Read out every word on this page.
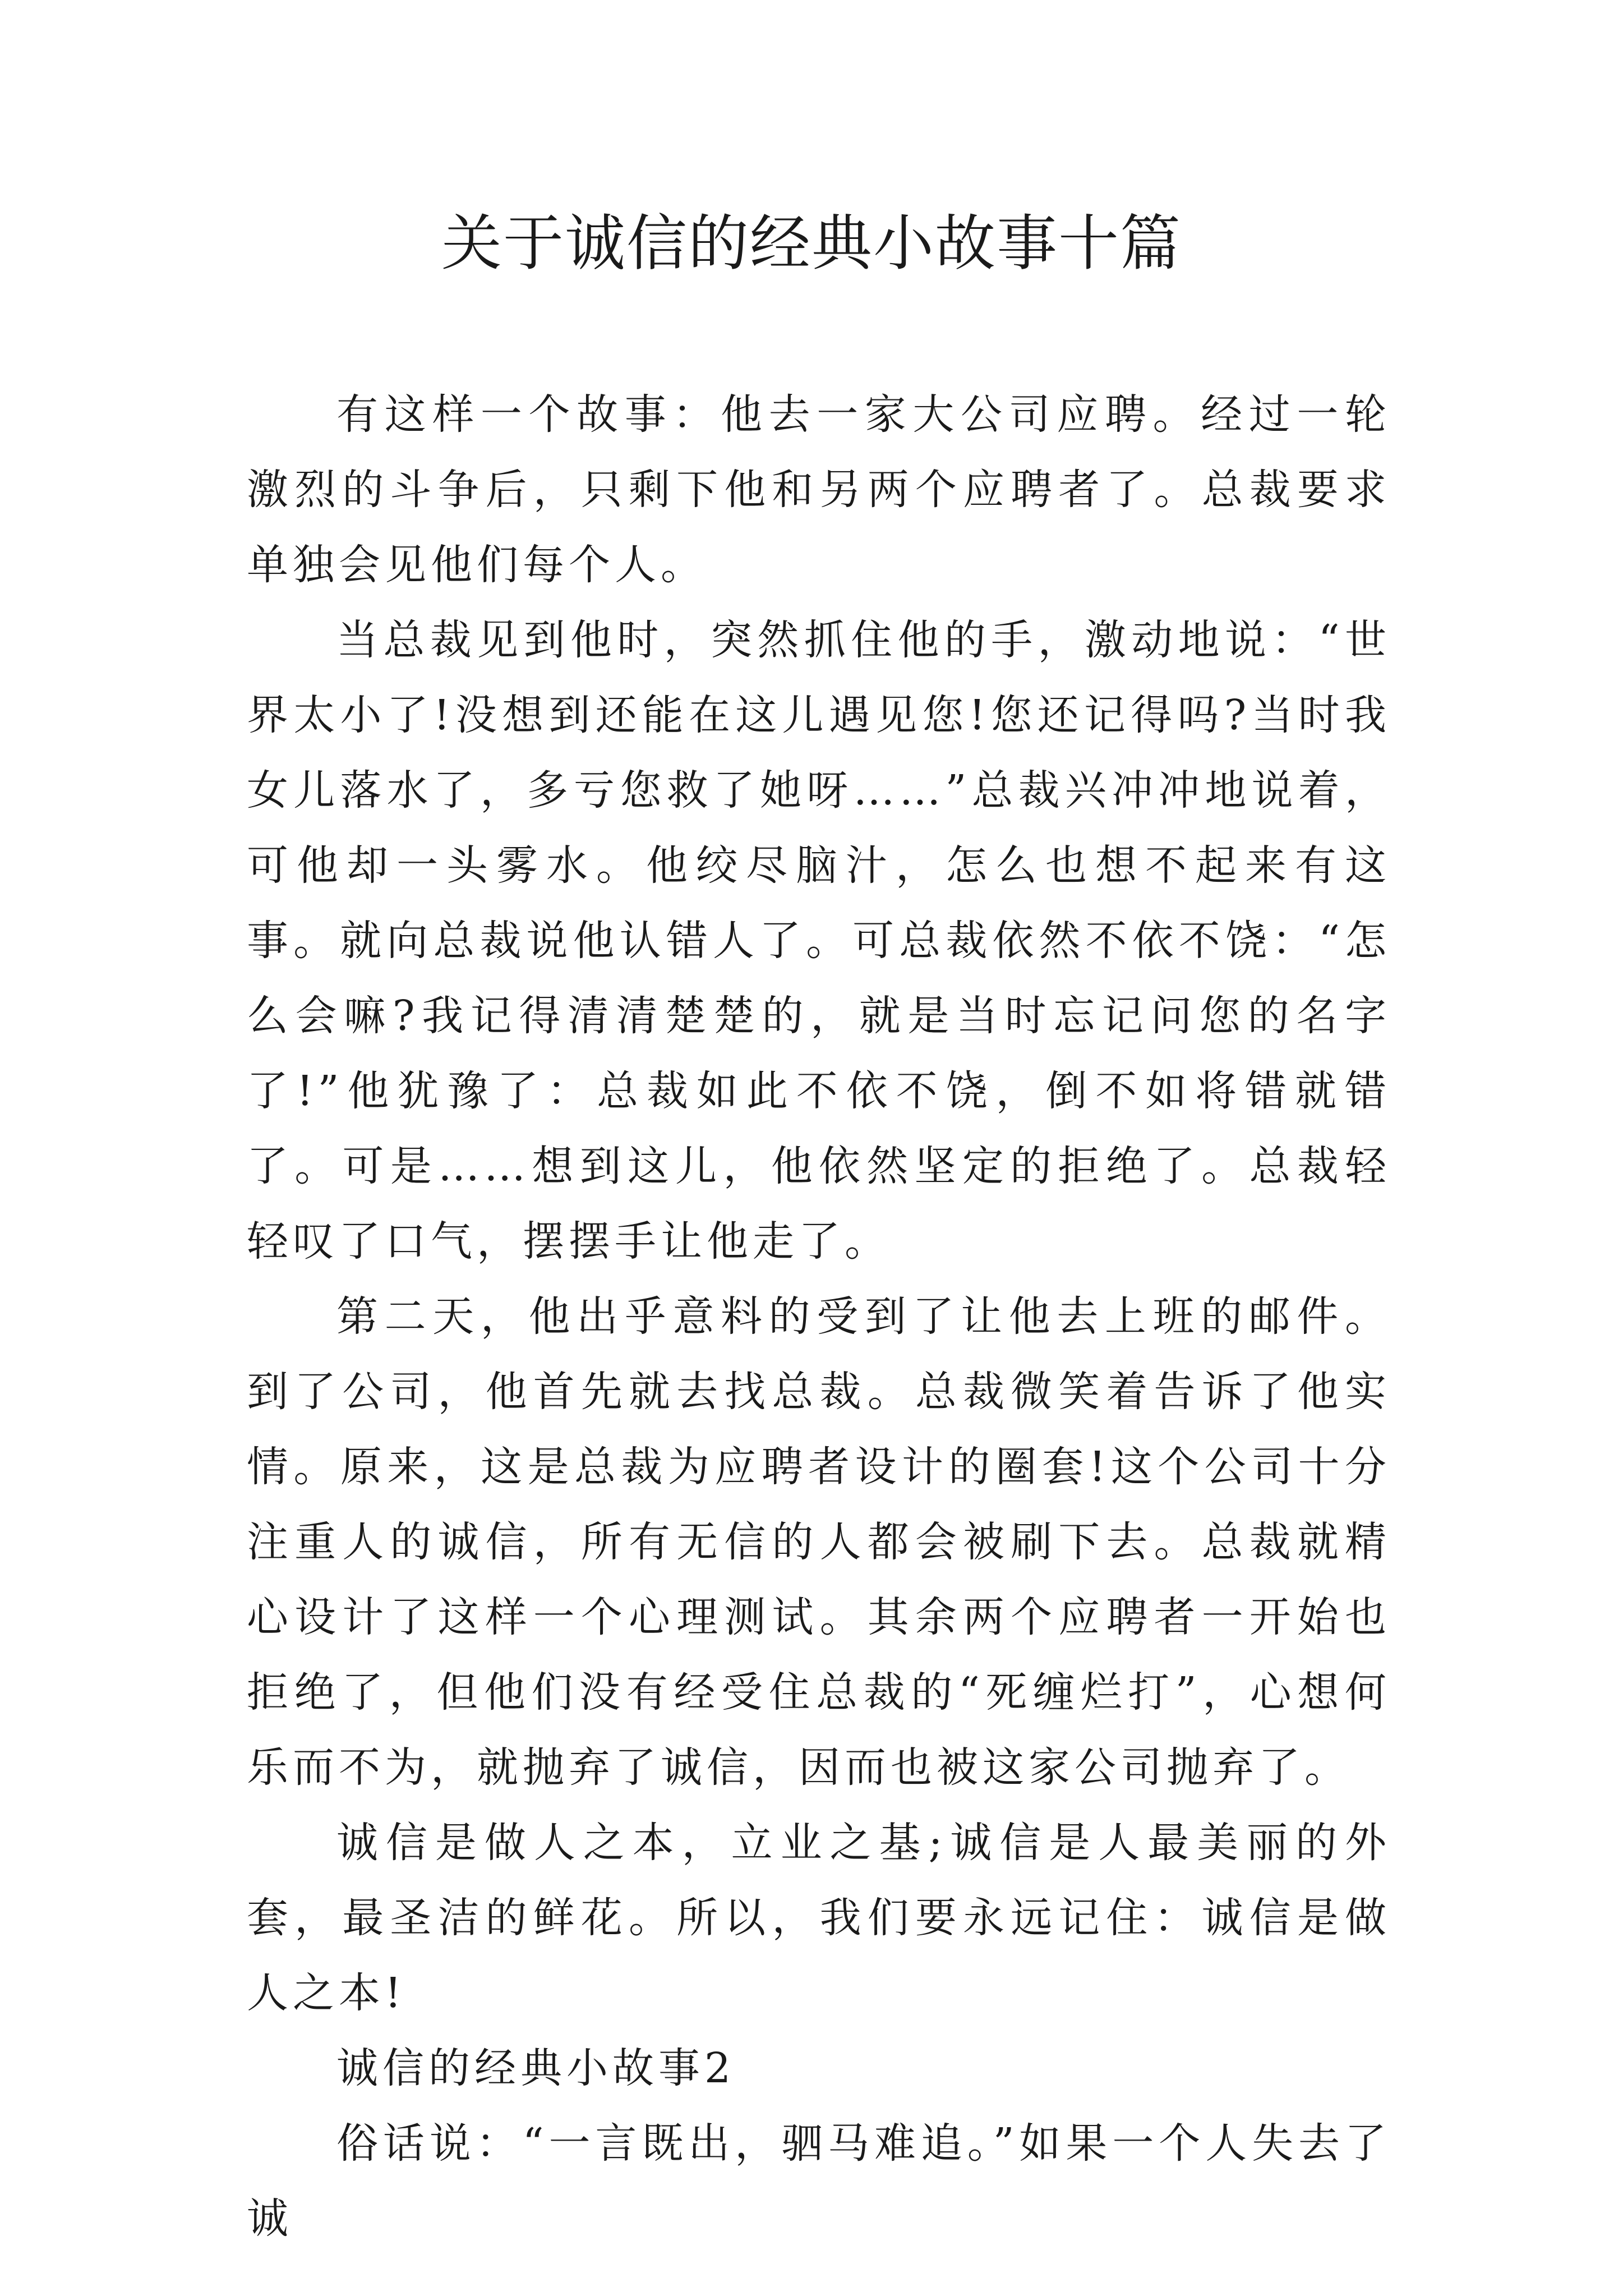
关于诚信的经典小故事十篇

有这样一个故事：他去一家大公司应聘。经过一轮激烈的斗争后，只剩下他和另两个应聘者了。总裁要求单独会见他们每个人。

当总裁见到他时，突然抓住他的手，激动地说：“世界太小了!没想到还能在这儿遇见您!您还记得吗?当时我女儿落水了，多亏您救了她呀……”总裁兴冲冲地说着，可他却一头雾水。他绞尽脑汁，怎么也想不起来有这事。就向总裁说他认错人了。可总裁依然不依不饶：“怎么会嘛?我记得清清楚楚的，就是当时忘记问您的名字了!”他犹豫了：总裁如此不依不饶，倒不如将错就错了。可是……想到这儿，他依然坚定的拒绝了。总裁轻轻叹了口气，摆摆手让他走了。

第二天，他出乎意料的受到了让他去上班的邮件。到了公司，他首先就去找总裁。总裁微笑着告诉了他实情。原来，这是总裁为应聘者设计的圈套!这个公司十分注重人的诚信，所有无信的人都会被刷下去。总裁就精心设计了这样一个心理测试。其余两个应聘者一开始也拒绝了，但他们没有经受住总裁的“死缠烂打”，心想何乐而不为，就抛弃了诚信，因而也被这家公司抛弃了。

诚信是做人之本，立业之基;诚信是人最美丽的外套，最圣洁的鲜花。所以，我们要永远记住：诚信是做人之本!

诚信的经典小故事2

俗话说：“一言既出，驷马难追。”如果一个人失去了诚
